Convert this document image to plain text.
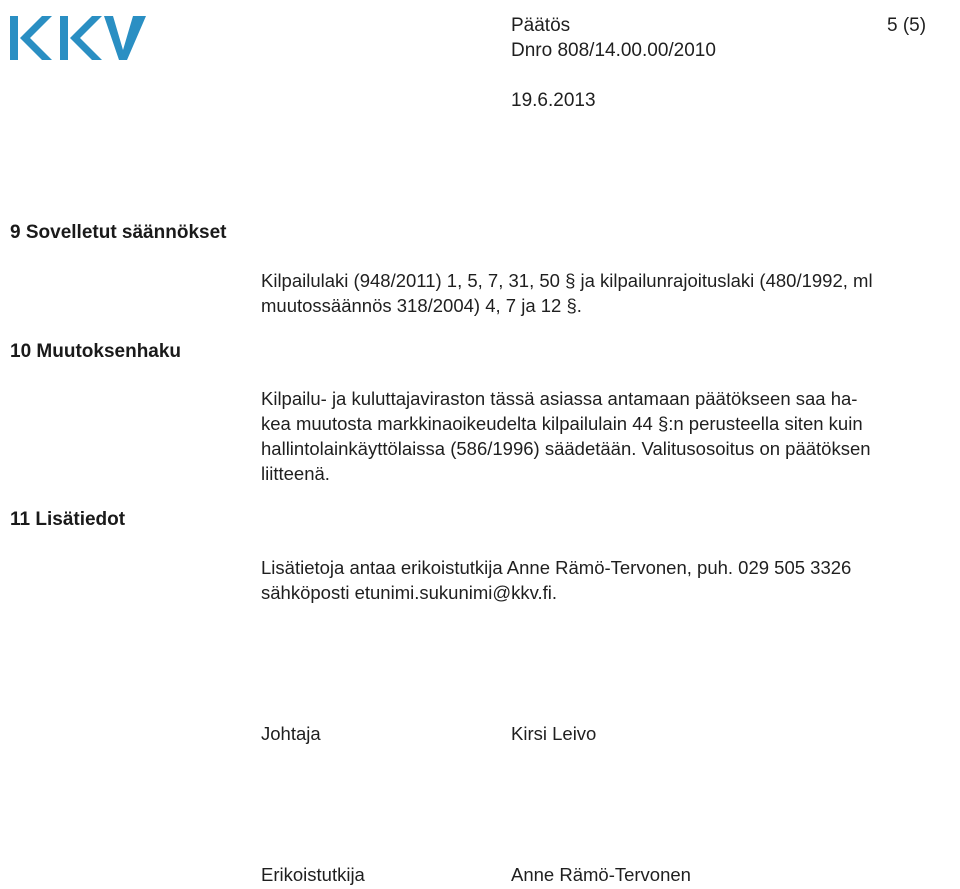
Päätös	5 (5)
Dnro 808/14.00.00/2010
19.6.2013
9 Sovelletut säännökset
Kilpailulaki (948/2011) 1, 5, 7, 31, 50 § ja kilpailunrajoituslaki (480/1992, ml
muutossäännös 318/2004) 4, 7 ja 12 §.
10 Muutoksenhaku
Kilpailu- ja kuluttajaviraston tässä asiassa antamaan päätökseen saa ha-
kea muutosta markkinaoikeudelta kilpailulain 44 §:n perusteella siten kuin
hallintolainkäyttölaissa (586/1996) säädetään. Valitusosoitus on päätöksen
liitteenä.
11 Lisätiedot
Lisätietoja antaa erikoistutkija Anne Rämö-Tervonen, puh. 029 505 3326
sähköposti etunimi.sukunimi@kkv.fi.
Johtaja	Kirsi Leivo
Erikoistutkija	Anne Rämö-Tervonen
